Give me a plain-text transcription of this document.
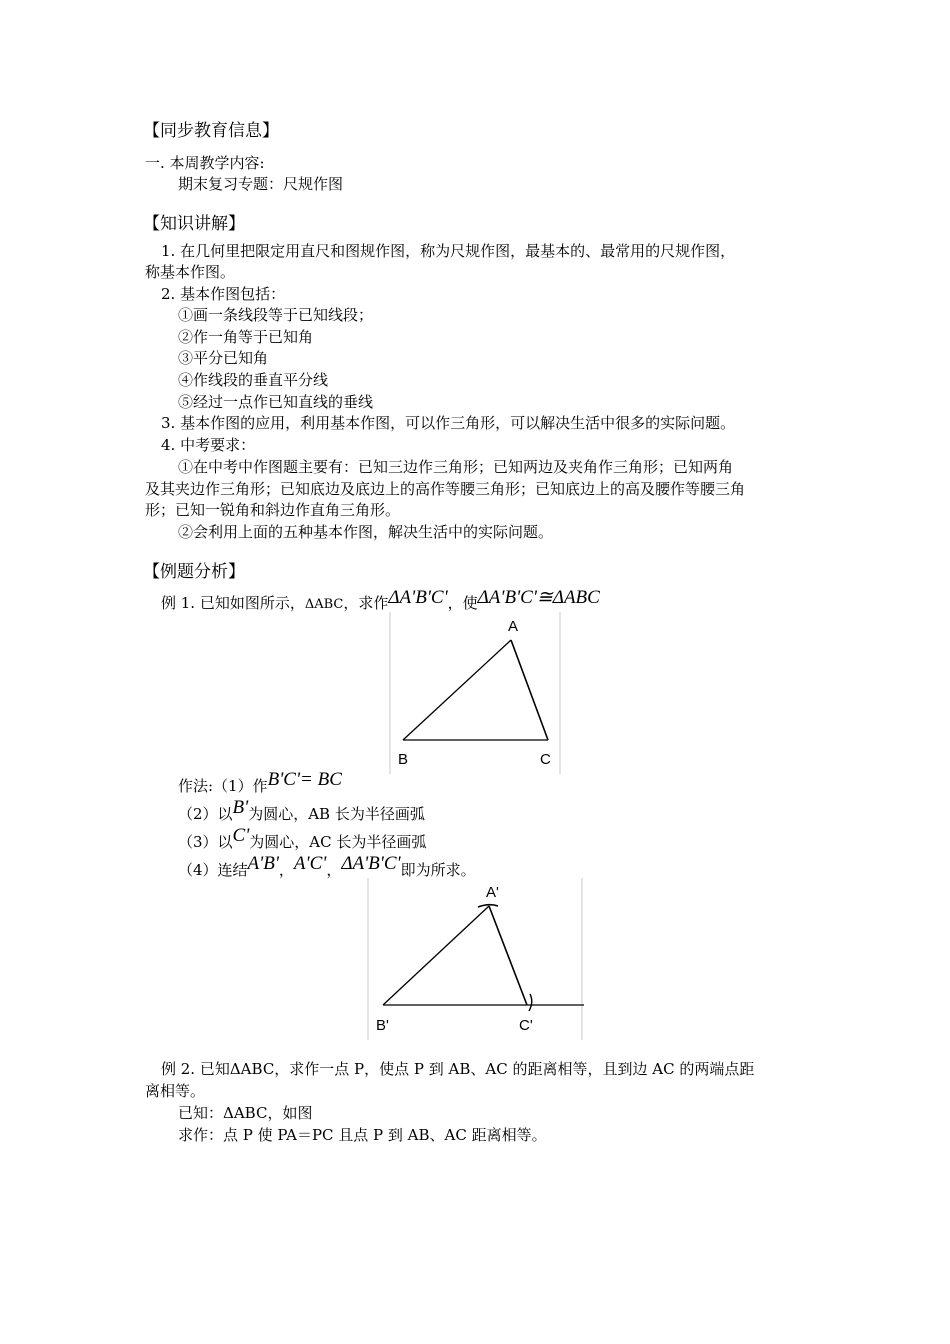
【同步教育信息】
一. 本周教学内容:
期末复习专题：尺规作图
【知识讲解】
1. 在几何里把限定用直尺和图规作图，称为尺规作图，最基本的、最常用的尺规作图，
称基本作图。
2. 基本作图包括：
①画一条线段等于已知线段；
②作一角等于已知角
③平分已知角
④作线段的垂直平分线
⑤经过一点作已知直线的垂线
3. 基本作图的应用，利用基本作图，可以作三角形，可以解决生活中很多的实际问题。
4. 中考要求：
①在中考中作图题主要有：已知三边作三角形；已知两边及夹角作三角形；已知两角
及其夹边作三角形；已知底边及底边上的高作等腰三角形；已知底边上的高及腰作等腰三角
形；已知一锐角和斜边作直角三角形。
②会利用上面的五种基本作图，解决生活中的实际问题。
【例题分析】
例 1. 已知如图所示，ΔABC，求作ΔA'B'C'，使ΔA'B'C'≅ΔABC
A
B	C
作法:（1）作B'C'= BC
（2）以B'为圆心，AB 长为半径画弧
（3）以C'为圆心，AC 长为半径画弧
（4）连结A'B'，A'C'，ΔA'B'C'即为所求。
A'
B'	C'
例 2. 已知ΔABC，求作一点 P，使点 P 到 AB、AC 的距离相等，且到边 AC 的两端点距
离相等。
已知：ΔABC，如图
求作：点 P 使 PA＝PC 且点 P 到 AB、AC 距离相等。
